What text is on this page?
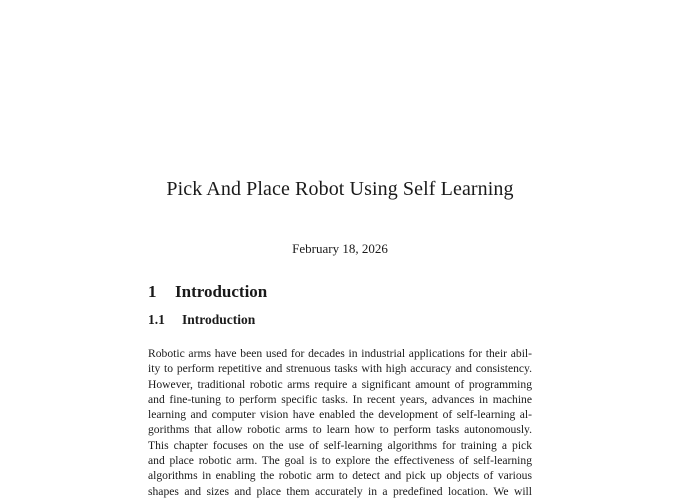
Pick And Place Robot Using Self Learning
February 18, 2026
1 Introduction
1.1 Introduction
Robotic arms have been used for decades in industrial applications for their abil-
ity to perform repetitive and strenuous tasks with high accuracy and consistency.
However, traditional robotic arms require a significant amount of programming
and fine-tuning to perform specific tasks. In recent years, advances in machine
learning and computer vision have enabled the development of self-learning al-
gorithms that allow robotic arms to learn how to perform tasks autonomously.
This chapter focuses on the use of self-learning algorithms for training a pick
and place robotic arm. The goal is to explore the effectiveness of self-learning
algorithms in enabling the robotic arm to detect and pick up objects of various
shapes and sizes and place them accurately in a predefined location. We will
